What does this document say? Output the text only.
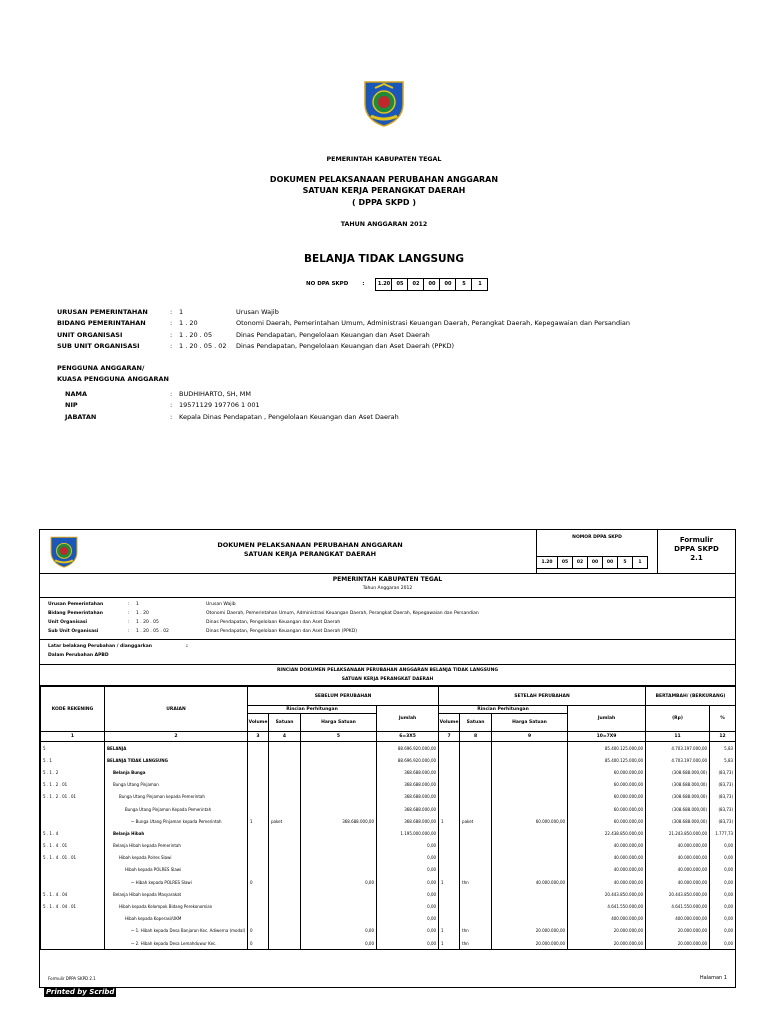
PEMERINTAH KABUPATEN TEGAL
DOKUMEN PELAKSANAAN PERUBAHAN ANGGARAN
SATUAN KERJA PERANGKAT DAERAH
( DPPA SKPD )
TAHUN ANGGARAN 2012
BELANJA TIDAK LANGSUNG
NO DPA SKPD	:	1.20	05	02	00	00	5	1
URUSAN PEMERINTAHAN	:	1	Urusan Wajib
BIDANG PEMERINTAHAN	:	1 . 20	Otonomi Daerah, Pemerintahan Umum, Administrasi Keuangan Daerah, Perangkat Daerah, Kepegawaian dan Persandian
UNIT ORGANISASI	:	1 . 20 . 05	Dinas Pendapatan, Pengelolaan Keuangan dan Aset Daerah
SUB UNIT ORGANISASI	:	1 . 20 . 05 . 02	Dinas Pendapatan, Pengelolaan Keuangan dan Aset Daerah (PPKD)
PENGGUNA ANGGARAN/
KUASA PENGGUNA ANGGARAN
NAMA	:	BUDHIHARTO, SH, MM
NIP	:	19571129 197706 1 001
JABATAN	:	Kepala Dinas Pendapatan , Pengelolaan Keuangan dan Aset Daerah
DOKUMEN PELAKSANAAN PERUBAHAN ANGGARAN
SATUAN KERJA PERANGKAT DAERAH
NOMOR DPPA SKPD
1.20	05	02	00	00	5	1
Formulir
DPPA SKPD
2.1
PEMERINTAH KABUPATEN TEGAL
Tahun Anggaran 2012
Urusan Pemerintahan	:	1	Urusan Wajib
Bidang Pemerintahan	:	1 . 20	Otonomi Daerah, Pemerintahan Umum, Administrasi Keuangan Daerah, Perangkat Daerah, Kepegawaian dan Persandian
Unit Organisasi	:	1 . 20 . 05	Dinas Pendapatan, Pengelolaan Keuangan dan Aset Daerah
Sub Unit Organisasi	:	1 . 20 . 05 . 02	Dinas Pendapatan, Pengelolaan Keuangan dan Aset Daerah (PPKD)
Latar belakang Perubahan / dianggarkan	:
Dalam Perubahan APBD
RINCIAN DOKUMEN PELAKSANAAN PERUBAHAN ANGGARAN BELANJA TIDAK LANGSUNG
SATUAN KERJA PERANGKAT DAERAH
KODE REKENING	URAIAN	SEBELUM PERUBAHAN				SETELAH PERUBAHAN				BERTAMBAH/ (BERKURANG)	
		Rincian Perhitungan			Jumlah	Rincian Perhitungan			Jumlah	(Rp)	%
		Volume	Satuan	Harga Satuan		Volume	Satuan	Harga Satuan			
1	2	3	4	5	6=3X5	7	8	9	10=7X9	11	12
5	BELANJA				88.696.920.000,00				85.400.125.000,00	4.703.197.000,00	5,83
5 . 1	BELANJA TIDAK LANGSUNG				88.696.920.000,00				85.400.125.000,00	4.703.197.000,00	5,83
5 . 1 . 2	Belanja Bunga				368.688.000,00				60.000.000,00	(308.688.000,00)	(83,73)
5 . 1 . 2 . 01	Bunga Utang Pinjaman				368.688.000,00				60.000.000,00	(308.688.000,00)	(83,73)
5 . 1 . 2 . 01 . 01	Bunga Utang Pinjaman kepada Pemerintah				368.688.000,00				60.000.000,00	(308.688.000,00)	(83,73)
	Bunga Utang Pinjaman Kepada Pemerintah				368.688.000,00				60.000.000,00	(308.688.000,00)	(83,73)
	~ Bunga Utang Pinjaman kepada Pemerintah	1	paket	368.688.000,00	368.688.000,00	1	paket	60.000.000,00	60.000.000,00	(308.688.000,00)	(83,73)
5 . 1 . 4	Belanja Hibah				1.195.000.000,00				22.438.850.000,00	21.243.850.000,00	1.777,73
5 . 1 . 4 . 01	Belanja Hibah kepada Pemerintah				0,00				40.000.000,00	40.000.000,00	0,00
5 . 1 . 4 . 01 . 01	Hibah kepada Polres Slawi				0,00				40.000.000,00	40.000.000,00	0,00
	Hibah kepada POLRES Slawi				0,00				40.000.000,00	40.000.000,00	0,00
	~ Hibah kepada POLRES Slawi	0		0,00	0,00	1	thn	40.000.000,00	40.000.000,00	40.000.000,00	0,00
5 . 1 . 4 . 04	Belanja Hibah kepada Masyarakat				0,00				20.443.850.000,00	20.443.850.000,00	0,00
5 . 1 . 4 . 04 . 01	Hibah kepada Kelompok Bidang Perekonomian				0,00				4.641.550.000,00	4.641.550.000,00	0,00
	Hibah kepada Koperasi/UKM				0,00				400.000.000,00	400.000.000,00	0,00
	~ 1. Hibah kepada Desa Banjaran Kec. Adiwerna (modal)	0		0,00	0,00	1	thn	20.000.000,00	20.000.000,00	20.000.000,00	0,00
	~ 2. Hibah kepada Desa Lemahduwur Kec.	0		0,00	0,00	1	thn	20.000.000,00	20.000.000,00	20.000.000,00	0,00
Formulir DPPA SKPD 2.1	Halaman 1
Printed by Scribd
